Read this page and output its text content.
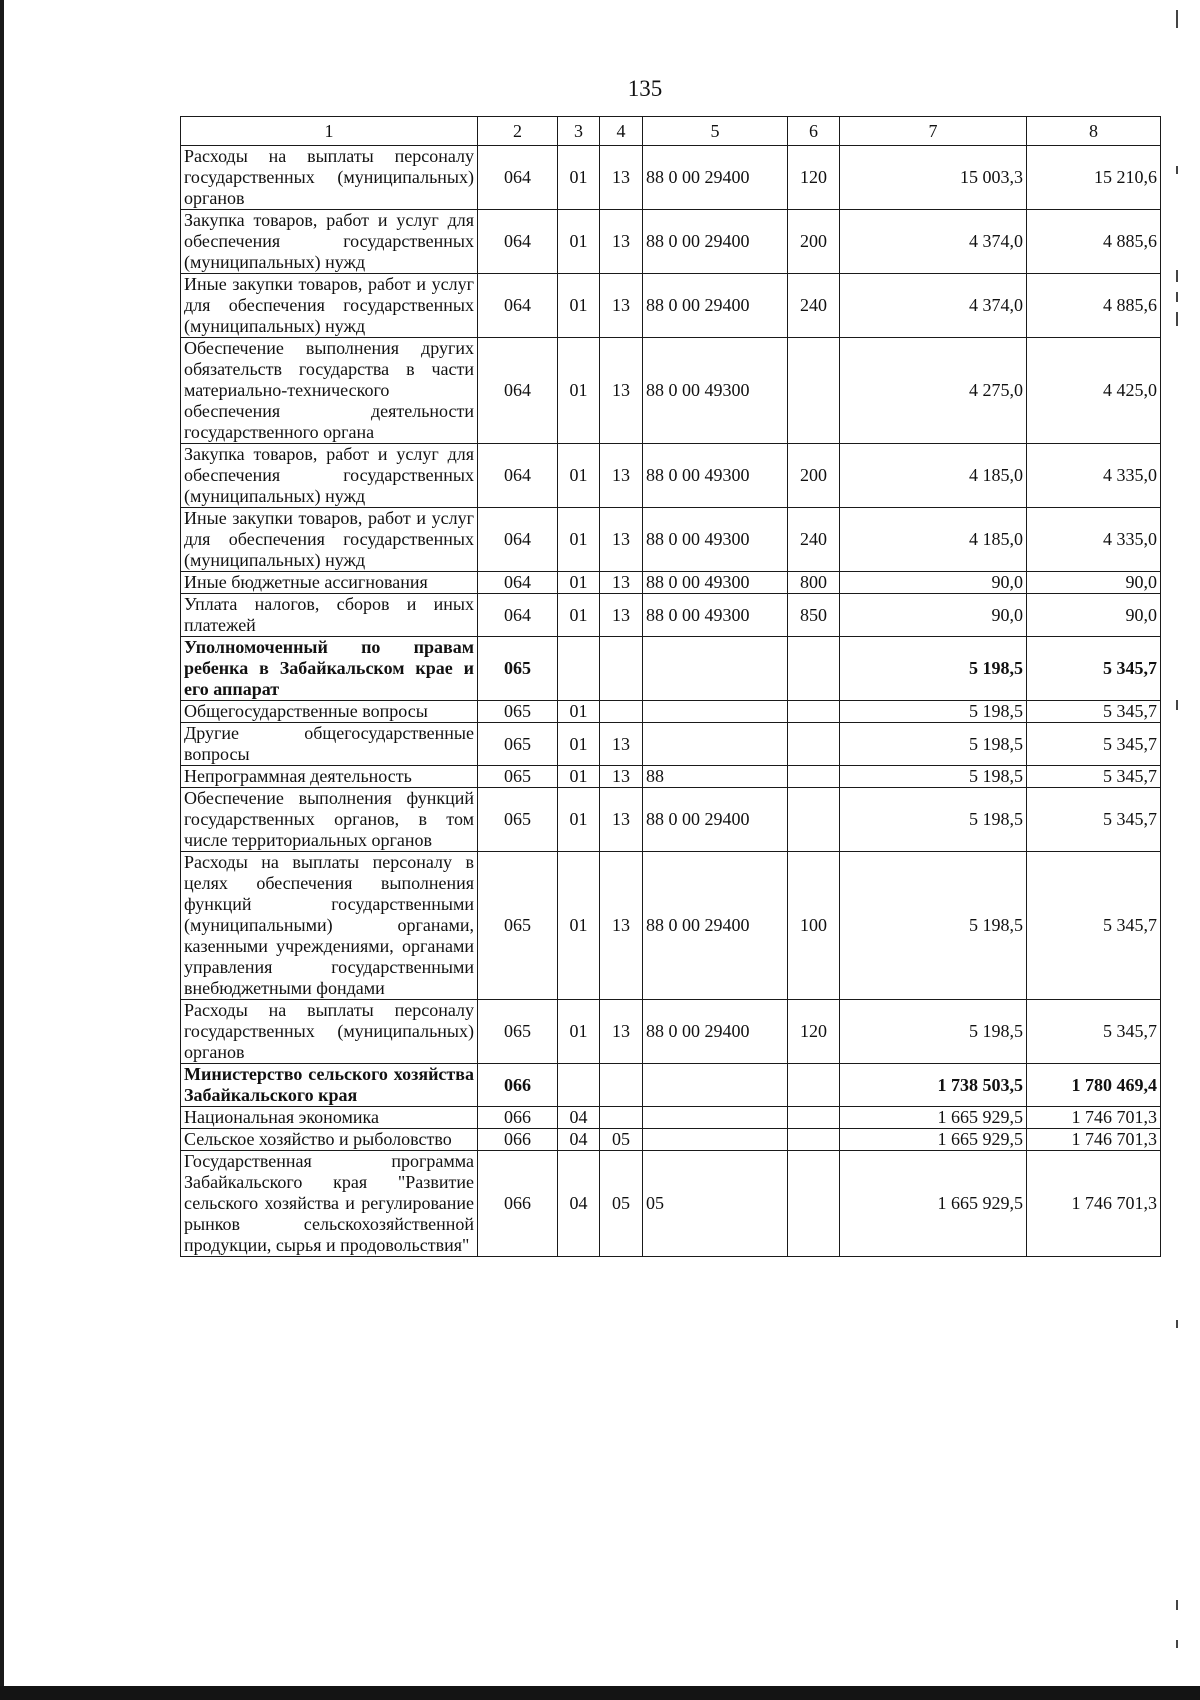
135
1	2	3	4	5	6	7	8
Расходы на выплаты персоналу государственных (муниципальных) органов	064	01	13	88 0 00 29400	120	15 003,3	15 210,6
Закупка товаров, работ и услуг для обеспечения государственных (муниципальных) нужд	064	01	13	88 0 00 29400	200	4 374,0	4 885,6
Иные закупки товаров, работ и услуг для обеспечения государственных (муниципальных) нужд	064	01	13	88 0 00 29400	240	4 374,0	4 885,6
Обеспечение выполнения других обязательств государства в части материально-технического обеспечения деятельности государственного органа	064	01	13	88 0 00 49300		4 275,0	4 425,0
Закупка товаров, работ и услуг для обеспечения государственных (муниципальных) нужд	064	01	13	88 0 00 49300	200	4 185,0	4 335,0
Иные закупки товаров, работ и услуг для обеспечения государственных (муниципальных) нужд	064	01	13	88 0 00 49300	240	4 185,0	4 335,0
Иные бюджетные ассигнования	064	01	13	88 0 00 49300	800	90,0	90,0
Уплата налогов, сборов и иных платежей	064	01	13	88 0 00 49300	850	90,0	90,0
Уполномоченный по правам ребенка в Забайкальском крае и его аппарат	065					5 198,5	5 345,7
Общегосударственные вопросы	065	01				5 198,5	5 345,7
Другие общегосударственные вопросы	065	01	13			5 198,5	5 345,7
Непрограммная деятельность	065	01	13	88		5 198,5	5 345,7
Обеспечение выполнения функций государственных органов, в том числе территориальных органов	065	01	13	88 0 00 29400		5 198,5	5 345,7
Расходы на выплаты персоналу в целях обеспечения выполнения функций государственными (муниципальными) органами, казенными учреждениями, органами управления государственными внебюджетными фондами	065	01	13	88 0 00 29400	100	5 198,5	5 345,7
Расходы на выплаты персоналу государственных (муниципальных) органов	065	01	13	88 0 00 29400	120	5 198,5	5 345,7
Министерство сельского хозяйства Забайкальского края	066					1 738 503,5	1 780 469,4
Национальная экономика	066	04				1 665 929,5	1 746 701,3
Сельское хозяйство и рыболовство	066	04	05			1 665 929,5	1 746 701,3
Государственная программа Забайкальского края "Развитие сельского хозяйства и регулирование рынков сельскохозяйственной продукции, сырья и продовольствия"	066	04	05	05		1 665 929,5	1 746 701,3
